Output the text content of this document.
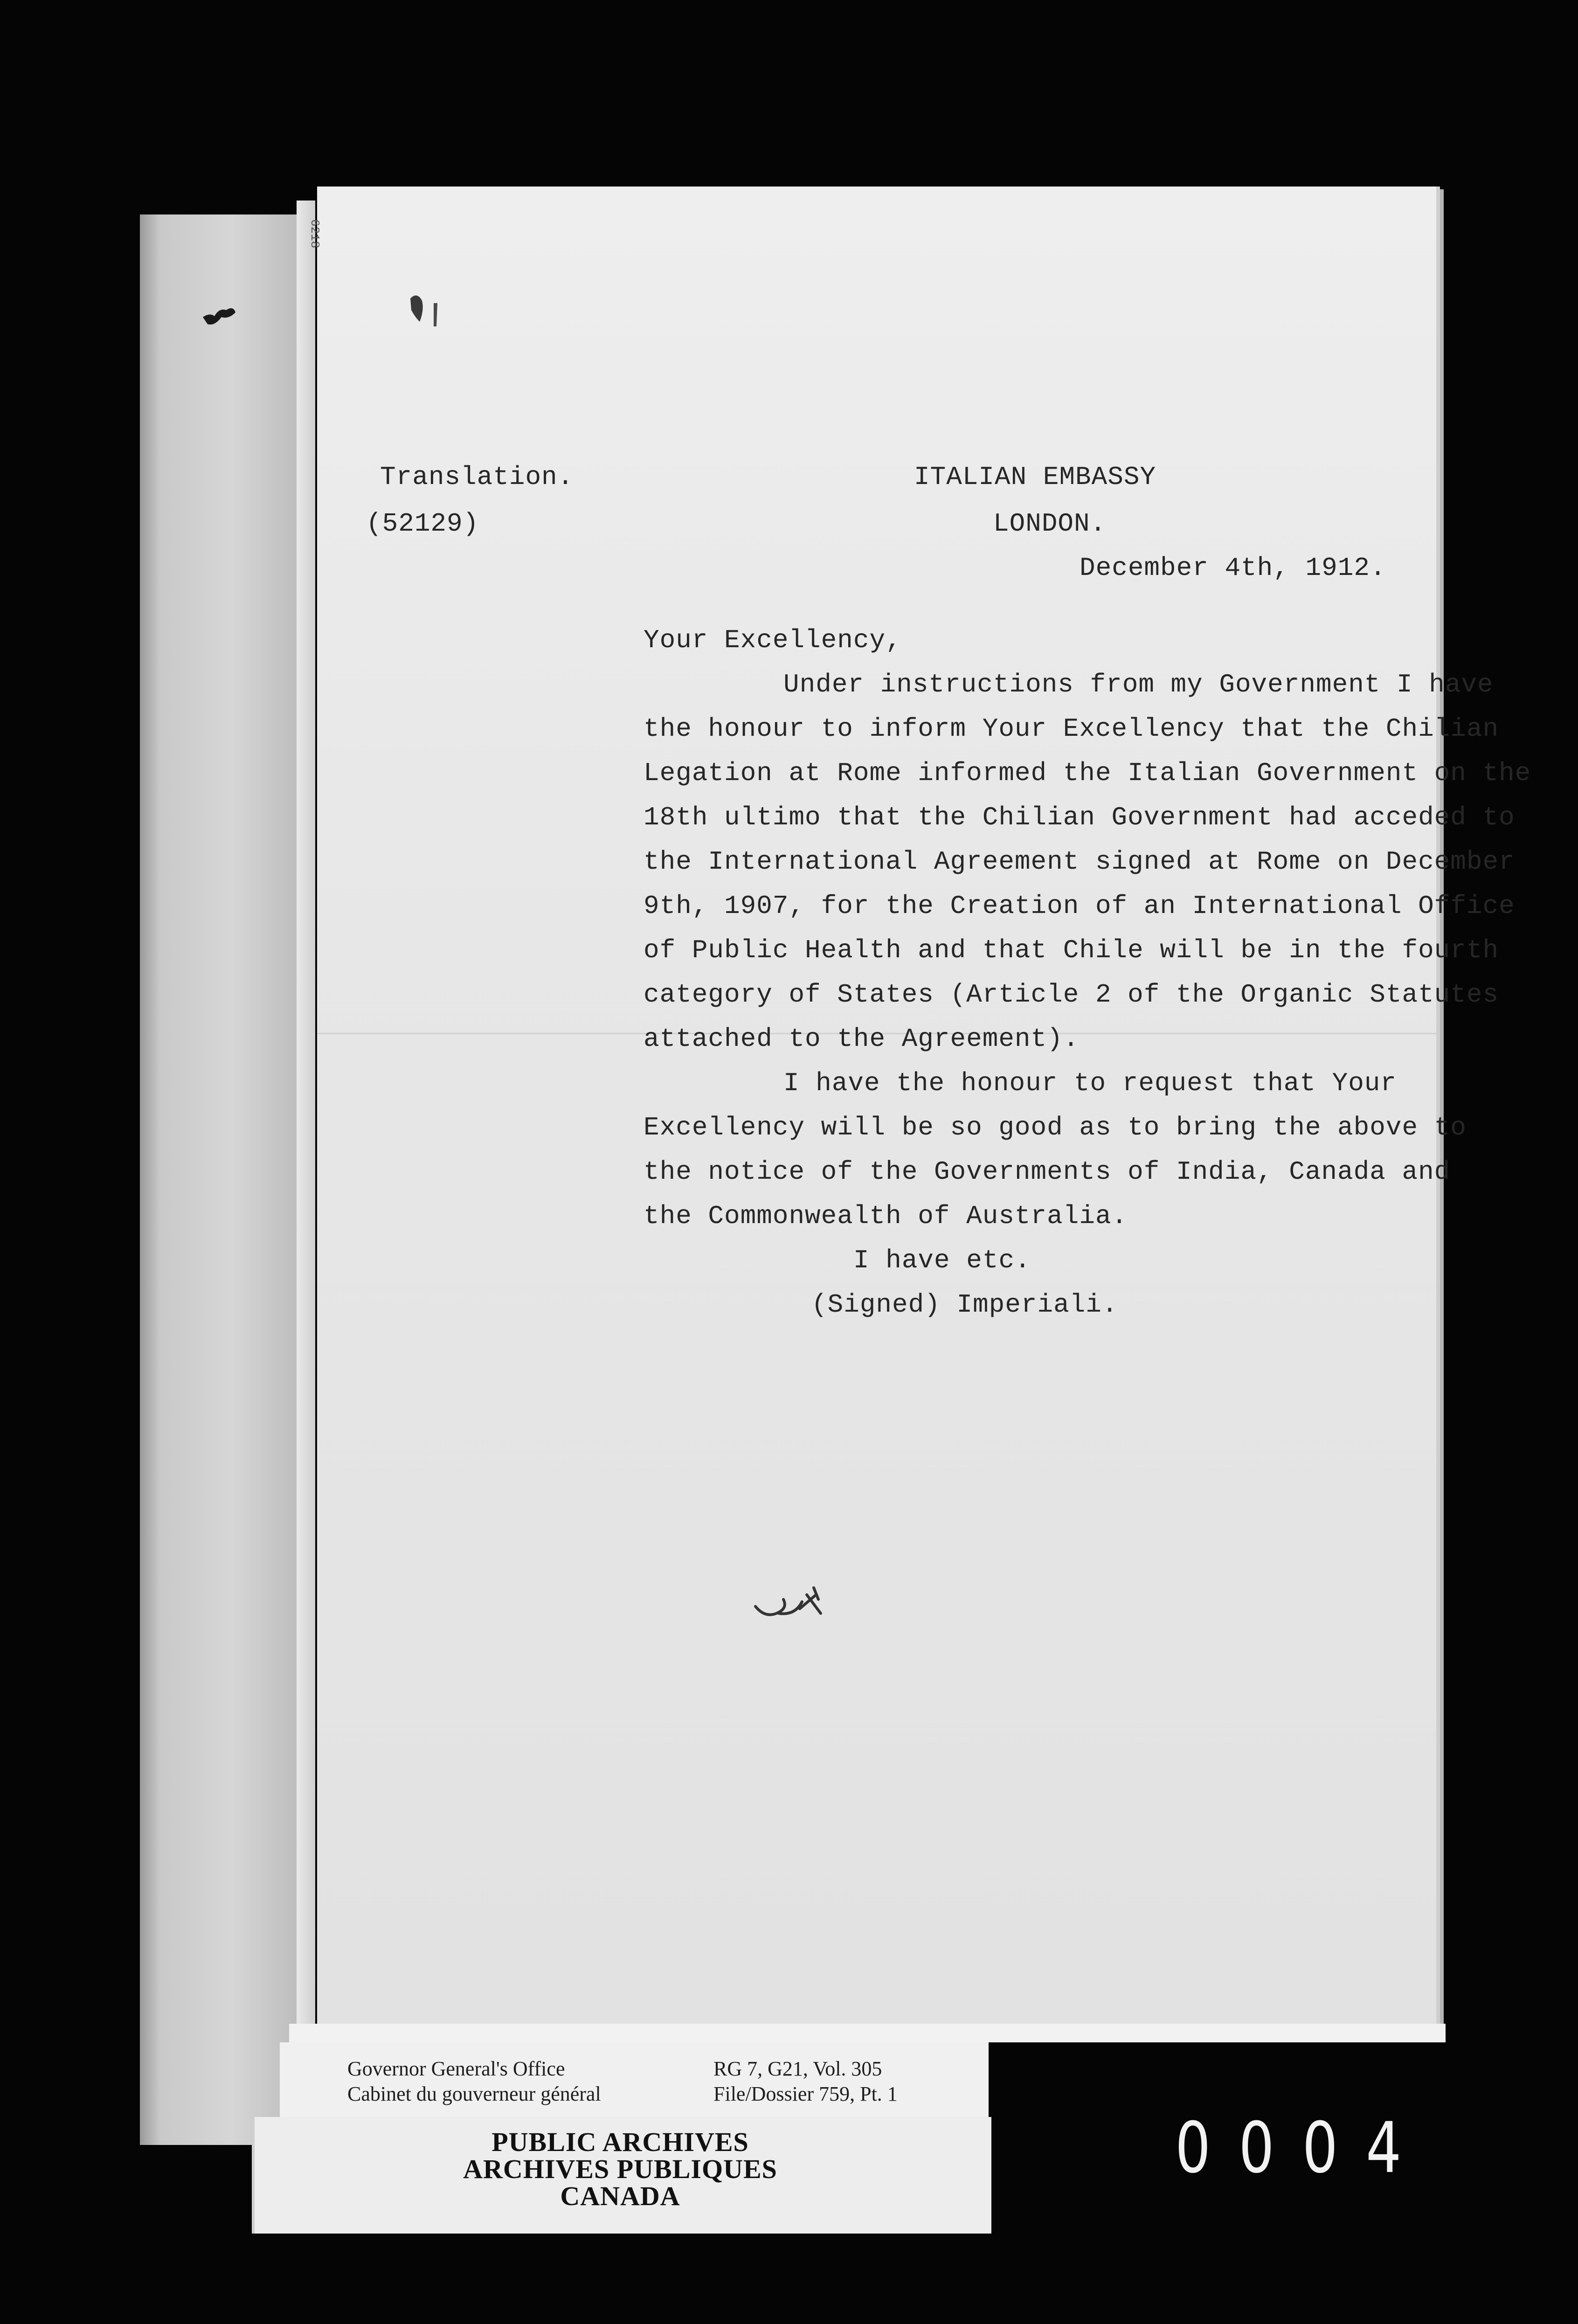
6218
Translation.
(52129)
ITALIAN EMBASSY
LONDON.
December 4th, 1912.
Your Excellency,
Under instructions from my Government I have
the honour to inform Your Excellency that the Chilian
Legation at Rome informed the Italian Government on the
18th ultimo that the Chilian Government had acceded to
the International Agreement signed at Rome on December
9th, 1907, for the Creation of an International Office
of Public Health and that Chile will be in the fourth
category of States (Article 2 of the Organic Statutes
attached to the Agreement).
I have the honour to request that Your
Excellency will be so good as to bring the above to
the notice of the Governments of India, Canada and
the Commonwealth of Australia.
I have etc.
(Signed) Imperiali.
Governor General's Office
Cabinet du gouverneur général
RG 7, G21, Vol. 305
File/Dossier 759, Pt. 1
PUBLIC ARCHIVES
ARCHIVES PUBLIQUES
CANADA
0004
